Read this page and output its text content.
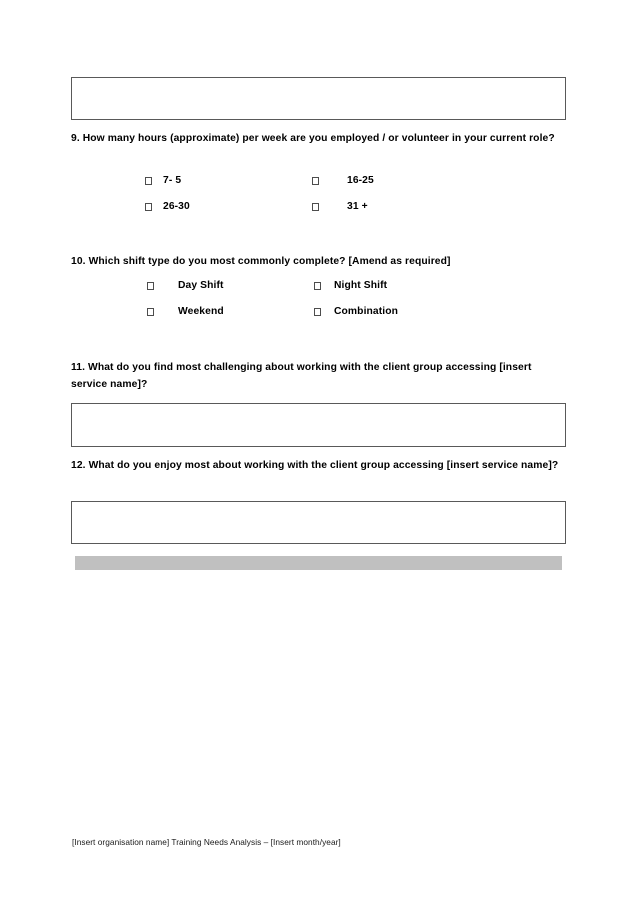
9. How many hours (approximate) per week are you employed / or volunteer in your current role?
7- 5	16-25
26-30	31 +
10. Which shift type do you most commonly complete? [Amend as required]
Day Shift	Night Shift
Weekend	Combination
11. What do you find most challenging about working with the client group accessing [insert service name]?
12. What do you enjoy most about working with the client group accessing [insert service name]?
[Insert organisation name] Training Needs Analysis – [Insert month/year]
